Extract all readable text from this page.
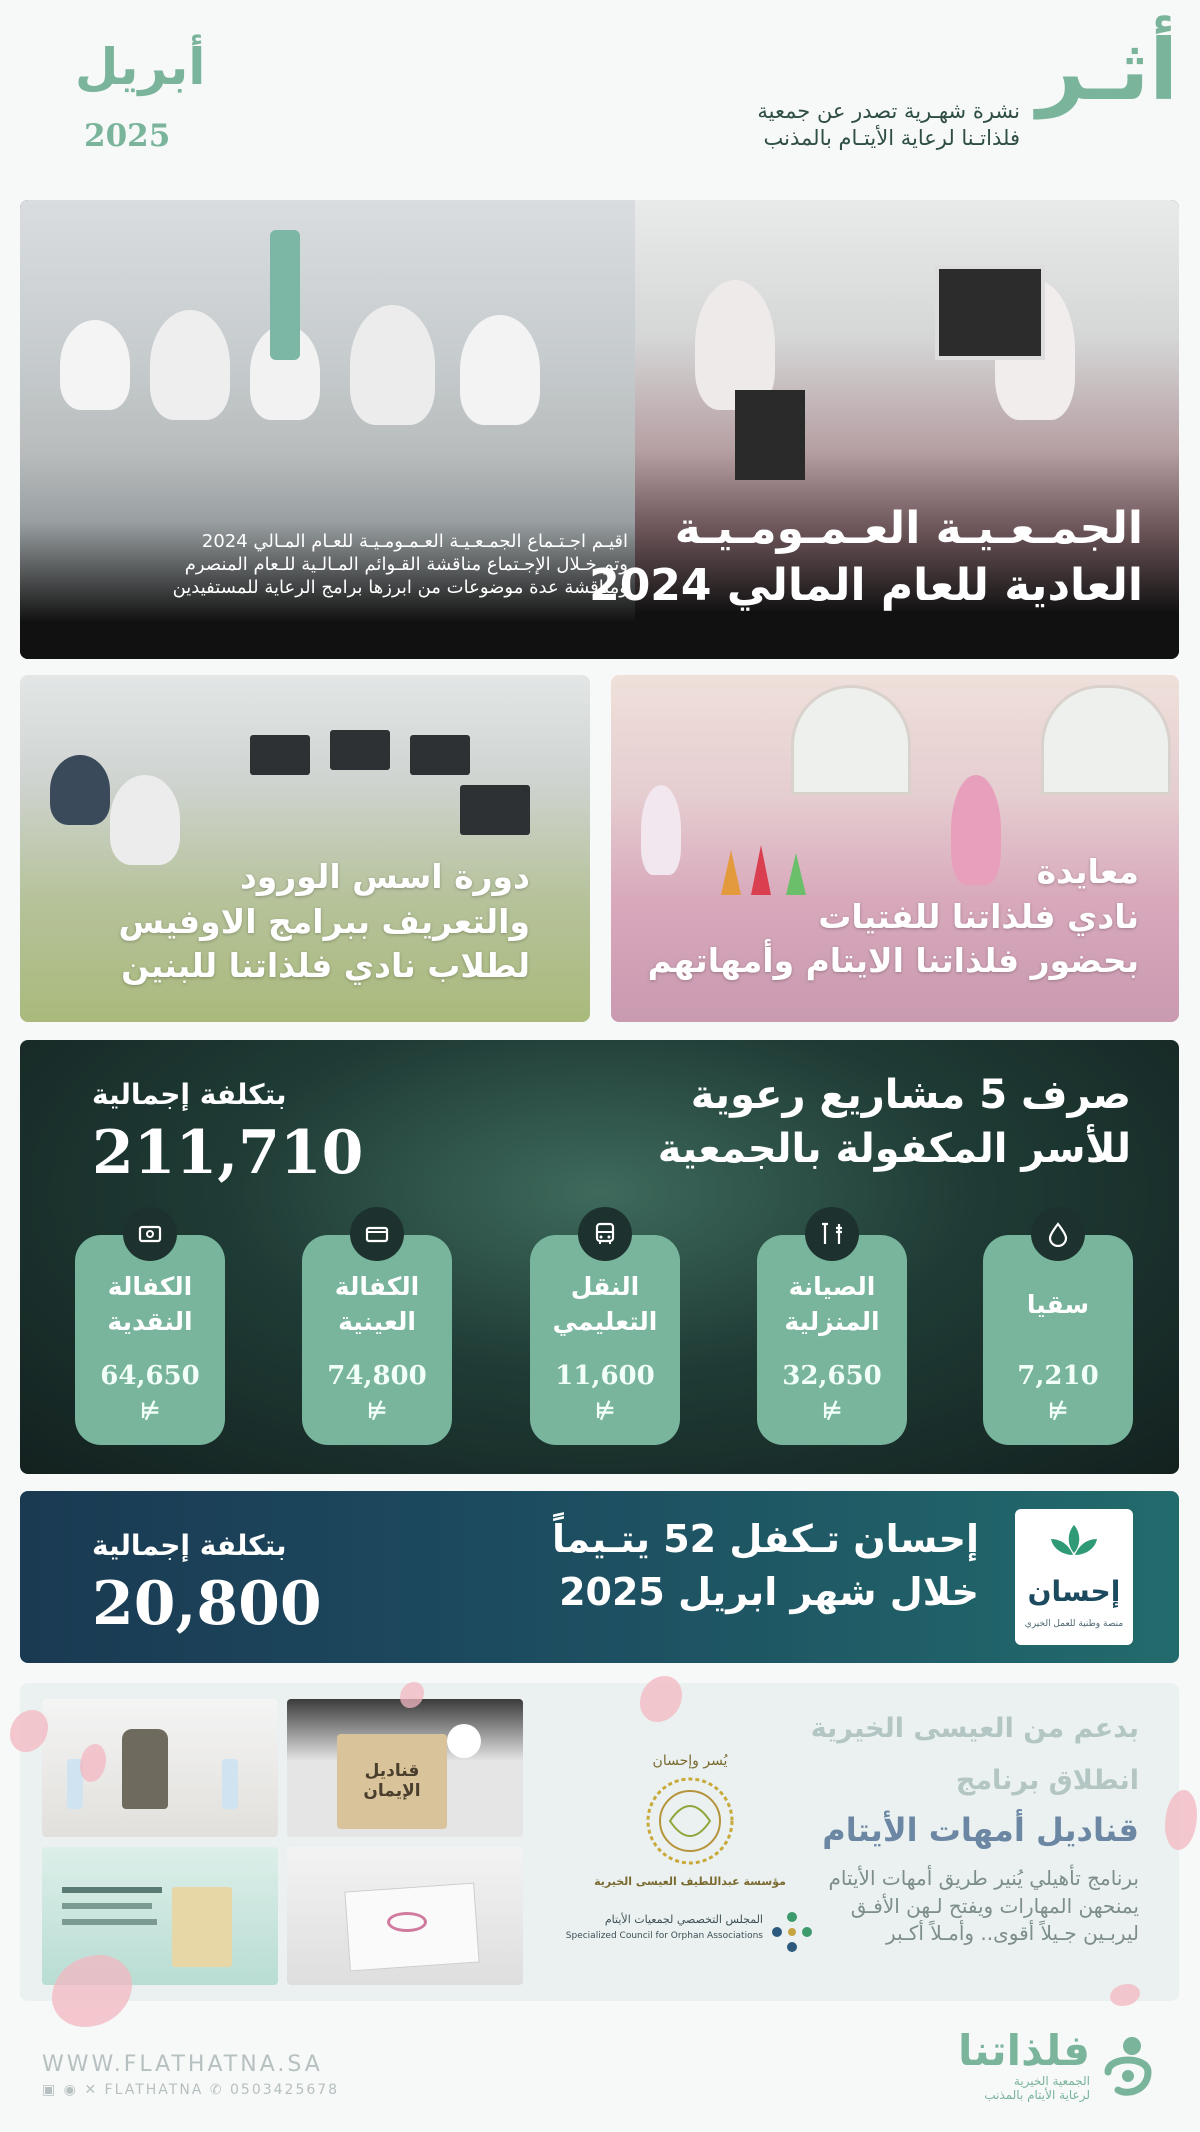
أثـر
نشرة شهـرية تصدر عن جمعية
فلذاتـنا لرعاية الأيتـام بالمذنب
أبريل
2025
اقيـم اجـتـماع الجمـعـيـة العـمـومـيـة للعـام المـالي 2024
وتم خـلال الإجـتماع مناقشة القـوائم المـالـية للـعام المنصرم
ومناقشة عدة موضوعات من ابرزها برامج الرعاية للمستفيدين
الجمـعـيـة العـمـومـيـة
العادية للعام المالي 2024
دورة اسس الورود
والتعريف ببرامج الاوفيس
لطلاب نادي فلذاتنا للبنين
معايدة
نادي فلذاتنا للفتيات
بحضور فلذاتنا الايتام وأمهاتهم
صرف 5 مشاريع رعوية
للأسر المكفولة بالجمعية
بتكلفة إجمالية
211,710
سقيا
7,210
⊭
الصيانة
المنزلية
32,650
⊭
النقل
التعليمي
11,600
⊭
الكفالة
العينية
74,800
⊭
الكفالة
النقدية
64,650
⊭
إحسان
منصة وطنية للعمل الخيري
إحسان تـكفل 52 يتـيماً
خلال شهر ابريل 2025
بتكلفة إجمالية
20,800
قناديل الإيمان
يُسر وإحسان
مؤسسة عبداللطيف العيسى الخيرية
المجلس التخصصي لجمعيات الأيتام
Specialized Council for Orphan Associations
بدعم من العيسى الخيرية
انطلاق برنامج
قناديل أمهات الأيتام
برنامج تأهيلي يُنير طريق أمهات الأيتام
يمنحهن المهارات ويفتح لـهن الأفـق
ليربـين جـيلاً أقوى.. وأمـلاً أكـبر
WWW.FLATHATNA.SA
▣ ◉ ✕ FLATHATNA ✆ 0503425678
فلذاتنا
الجمعية الخيرية
لرعاية الأيتام بالمذنب
